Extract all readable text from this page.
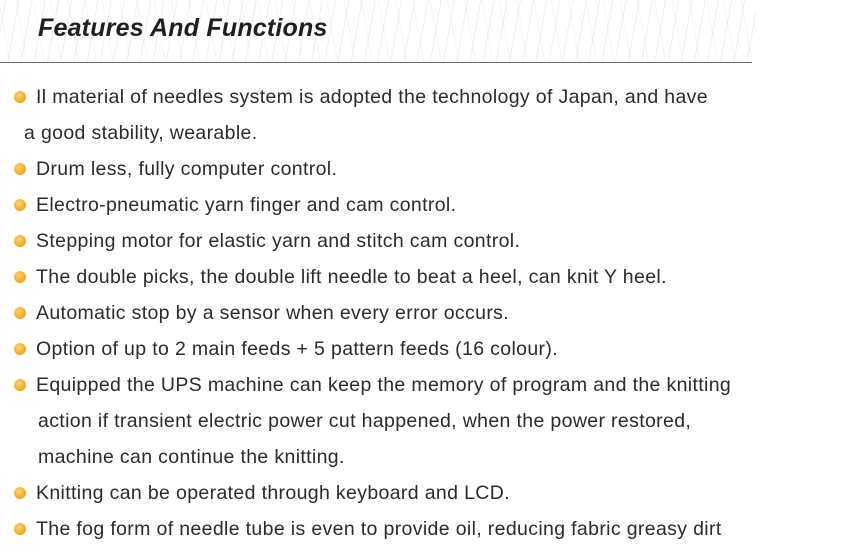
Features And Functions
Il material of needles system is adopted the technology of Japan, and have
a good stability, wearable.
Drum less, fully computer control.
Electro-pneumatic yarn finger and cam control.
Stepping motor for elastic yarn and stitch cam control.
The double picks, the double lift needle to beat a heel, can knit Y heel.
Automatic stop by a sensor when every error occurs.
Option of up to 2 main feeds + 5 pattern feeds (16 colour).
Equipped the UPS machine can keep the memory of program and the knitting
action if transient electric power cut happened, when the power restored,
machine can continue the knitting.
Knitting can be operated through keyboard and LCD.
The fog form of needle tube is even to provide oil, reducing fabric greasy dirt
